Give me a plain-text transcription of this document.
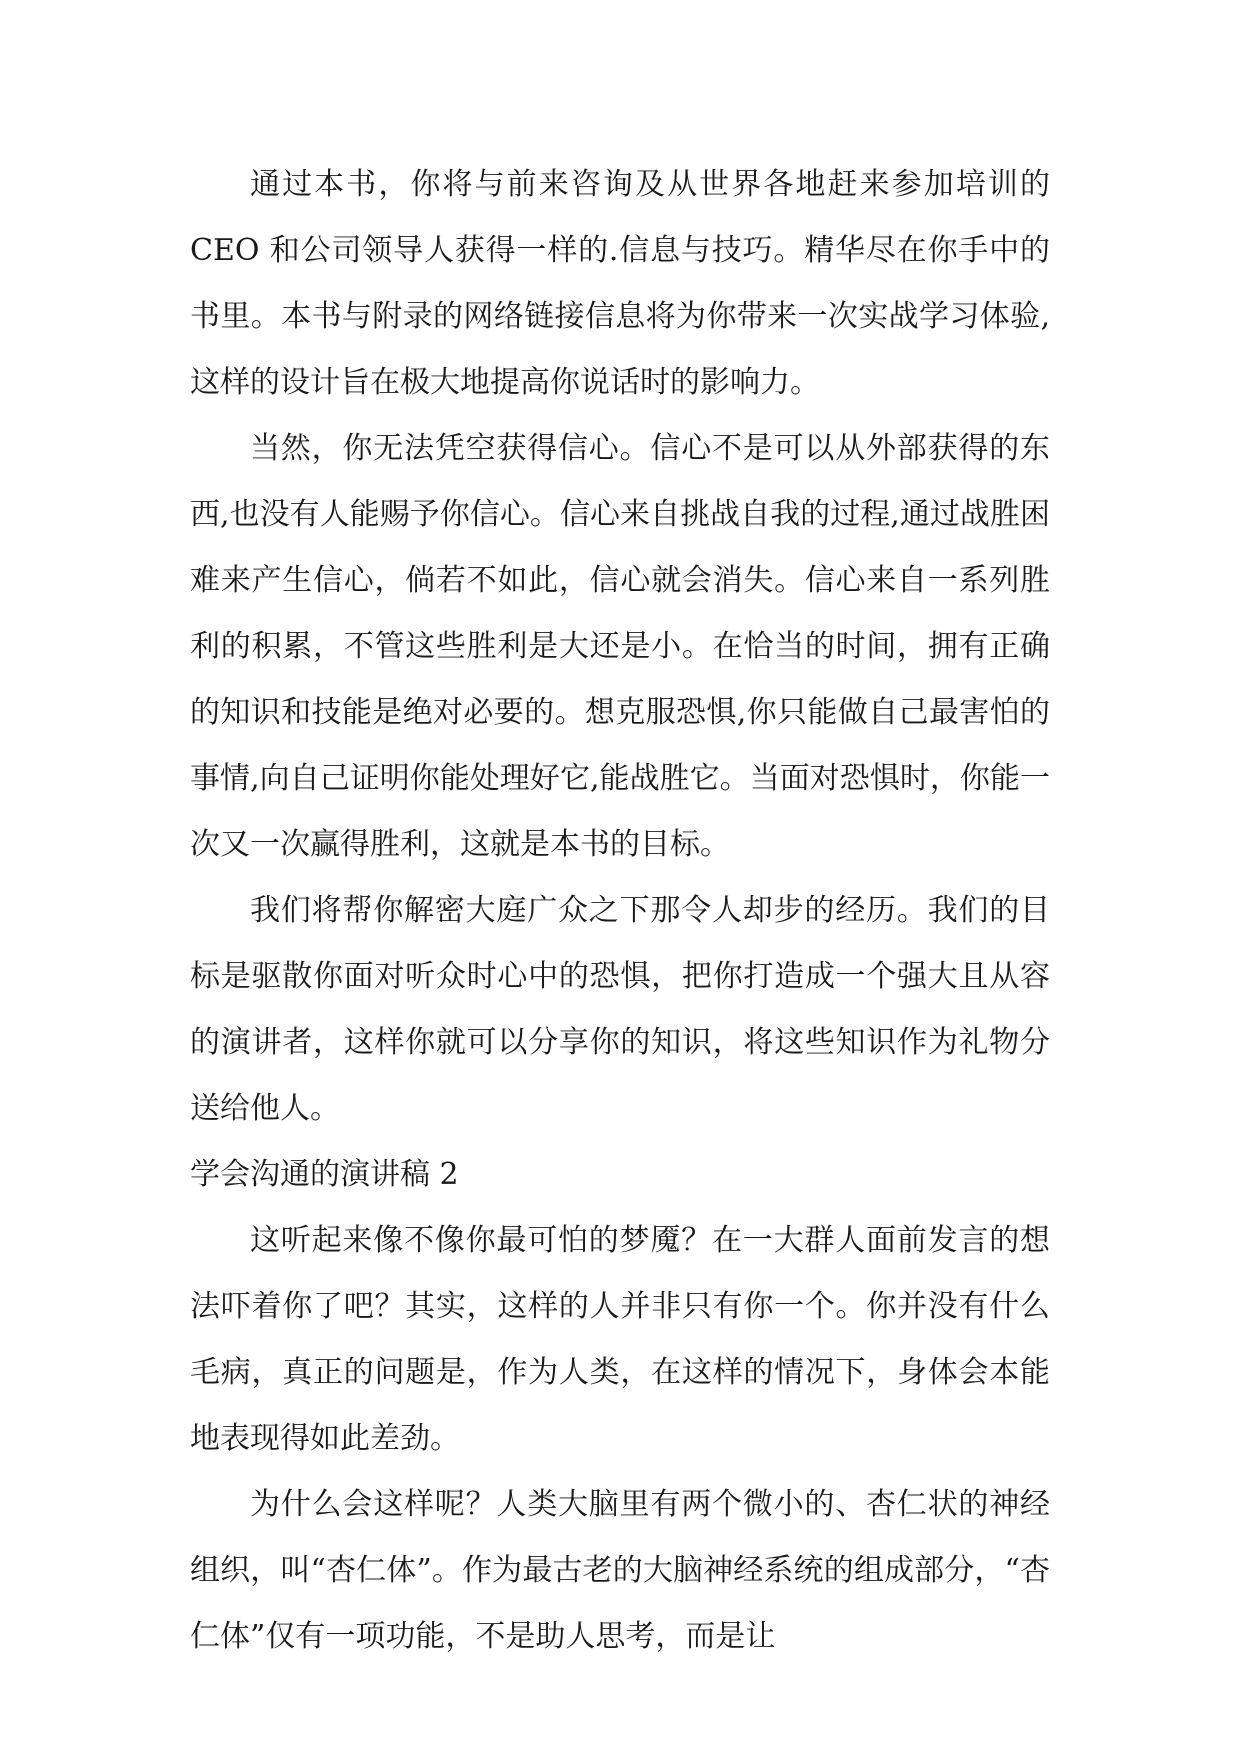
通过本书，你将与前来咨询及从世界各地赶来参加培训的 CEO 和公司领导人获得一样的.信息与技巧。精华尽在你手中的书里。本书与附录的网络链接信息将为你带来一次实战学习体验,这样的设计旨在极大地提高你说话时的影响力。

当然，你无法凭空获得信心。信心不是可以从外部获得的东西,也没有人能赐予你信心。信心来自挑战自我的过程,通过战胜困难来产生信心，倘若不如此，信心就会消失。信心来自一系列胜利的积累，不管这些胜利是大还是小。在恰当的时间，拥有正确的知识和技能是绝对必要的。想克服恐惧,你只能做自己最害怕的事情,向自己证明你能处理好它,能战胜它。当面对恐惧时，你能一次又一次赢得胜利，这就是本书的目标。

我们将帮你解密大庭广众之下那令人却步的经历。我们的目标是驱散你面对听众时心中的恐惧，把你打造成一个强大且从容的演讲者，这样你就可以分享你的知识，将这些知识作为礼物分送给他人。

学会沟通的演讲稿 2

这听起来像不像你最可怕的梦魇？在一大群人面前发言的想法吓着你了吧？其实，这样的人并非只有你一个。你并没有什么毛病，真正的问题是，作为人类，在这样的情况下，身体会本能地表现得如此差劲。

为什么会这样呢？人类大脑里有两个微小的、杏仁状的神经组织，叫“杏仁体”。作为最古老的大脑神经系统的组成部分，“杏仁体”仅有一项功能，不是助人思考，而是让
